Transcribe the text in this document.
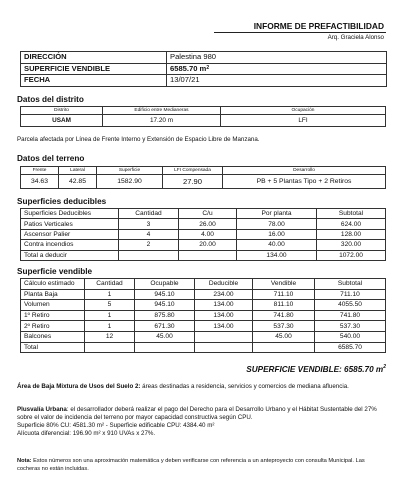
INFORME DE PREFACTIBILIDAD
Arq. Graciela Alonso
DIRECCIÓN	Palestina 980
SUPERFICIE VENDIBLE	6585.70 $m^2$
FECHA	13/07/21
Datos del distrito
Distrito	Edificio entre Medianeras	Ocupación
USAM	17.20 m	LFI
Parcela afectada por Línea de Frente Interno y Extensión de Espacio Libre de Manzana.
Datos del terreno
Frente	Lateral	Superficie	LFI Compensada	Desarrollo
34.63	42.85	1582.90	27.90	PB + 5 Plantas Tipo + 2 Retiros
Superficies deducibles
Superficies Deducibles	Cantidad	C/u	Por planta	Subtotal
Patios Verticales	3	26.00	78.00	624.00
Ascensor Palier	4	4.00	16.00	128.00
Contra incendios	2	20.00	40.00	320.00
Total a deducir			134.00	1072.00
Superficie vendible
Cálculo estimado	Cantidad	Ocupable	Deducible	Vendible	Subtotal
Planta Baja	1	945.10	234.00	711.10	711.10
Volumen	5	945.10	134.00	811.10	4055.50
1º Retiro	1	875.80	134.00	741.80	741.80
2º Retiro	1	671.30	134.00	537.30	537.30
Balcones	12	45.00		45.00	540.00
Total					6585.70
SUPERFICIE VENDIBLE: 6585.70 $m^2$
Área de Baja Mixtura de Usos del Suelo 2: áreas destinadas a residencia, servicios y comercios de mediana afluencia.
Plusvalía Urbana: el desarrollador deberá realizar el pago del Derecho para el Desarrollo Urbano y el Hábitat Sustentable del 27% sobre el valor de incidencia del terreno por mayor capacidad constructiva según CPU.
Superficie 80% CU: 4581.30 m² - Superficie edificable CPU: 4384.40 m²
Alícuota diferencial: 196.90 m² x 910 UVAs x 27%.
Nota: Estos números son una aproximación matemática y deben verificarse con referencia a un anteproyecto con consulta Municipal. Las cocheras no están incluidas.
